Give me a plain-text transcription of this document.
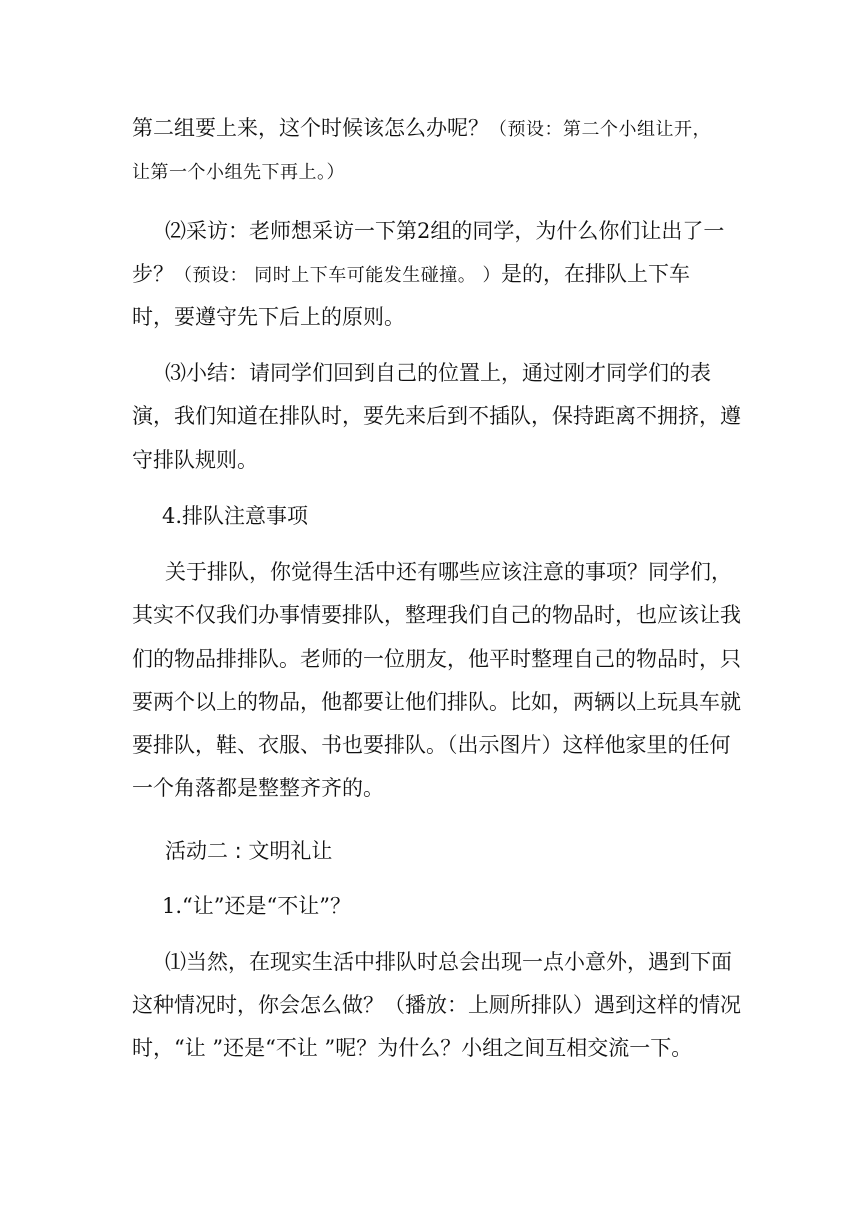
第二组要上来，这个时候该怎么办呢？（预设：第二个小组让开，
让第一个小组先下再上。）
⑵采访：老师想采访一下第2组的同学，为什么你们让出了一
步？（预设： 同时上下车可能发生碰撞。 ）是的，在排队上下车
时，要遵守先下后上的原则。
⑶小结：请同学们回到自己的位置上，通过刚才同学们的表
演，我们知道在排队时，要先来后到不插队，保持距离不拥挤，遵
守排队规则。
4.排队注意事项
关于排队，你觉得生活中还有哪些应该注意的事项？同学们，
其实不仅我们办事情要排队，整理我们自己的物品时，也应该让我
们的物品排排队。老师的一位朋友，他平时整理自己的物品时，只
要两个以上的物品，他都要让他们排队。比如，两辆以上玩具车就
要排队，鞋、衣服、书也要排队。（出示图片）这样他家里的任何
一个角落都是整整齐齐的。
活动二 : 文明礼让
1.“让”还是“不让”？
⑴当然，在现实生活中排队时总会出现一点小意外，遇到下面
这种情况时，你会怎么做？（播放：上厕所排队）遇到这样的情况
时，“让 ”还是“不让 ”呢？为什么？小组之间互相交流一下。
